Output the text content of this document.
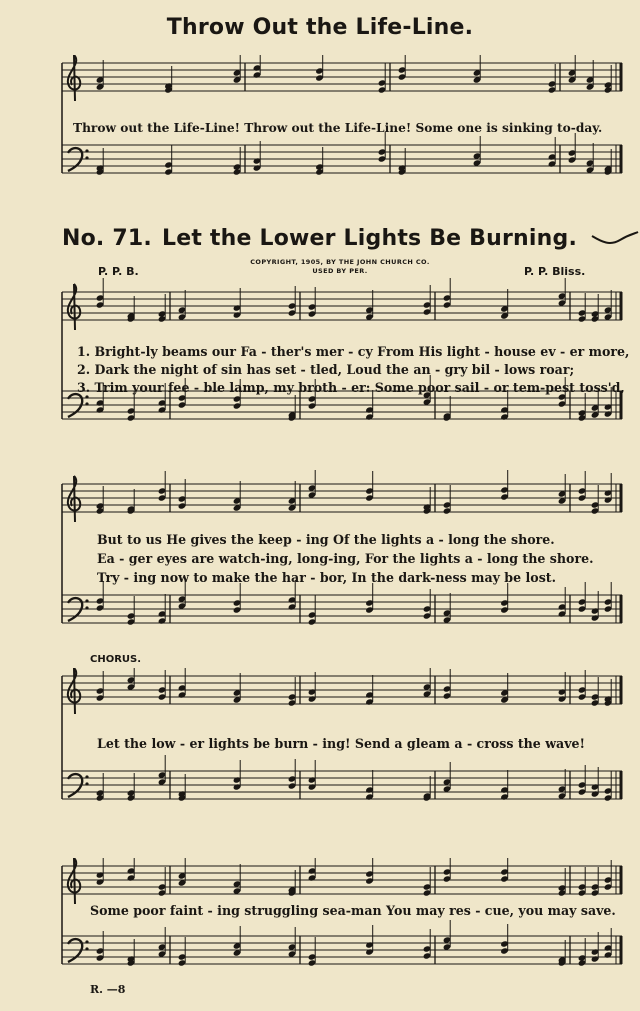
Throw Out the Life-Line.
Throw out the Life-Line! Throw out the Life-Line! Some one is sinking to-day.
No. 71. Let the Lower Lights Be Burning.
COPYRIGHT, 1905, BY THE JOHN CHURCH CO.
USED BY PER.
P. P. B.	P. P. Bliss.
1. Bright-ly beams our Fa - ther's mer - cy From His light - house ev - er more,
2. Dark the night of sin has set - tled, Loud the an - gry bil - lows roar;
3. Trim your fee - ble lamp, my broth - er: Some poor sail - or tem-pest toss'd,
But to us He gives the keep - ing Of the lights a - long the shore.
Ea - ger eyes are watch-ing, long-ing, For the lights a - long the shore.
Try - ing now to make the har - bor, In the dark-ness may be lost.
CHORUS.
Let the low - er lights be burn - ing! Send a gleam a - cross the wave!
Some poor faint - ing struggling sea-man You may res - cue, you may save.
R. —8
